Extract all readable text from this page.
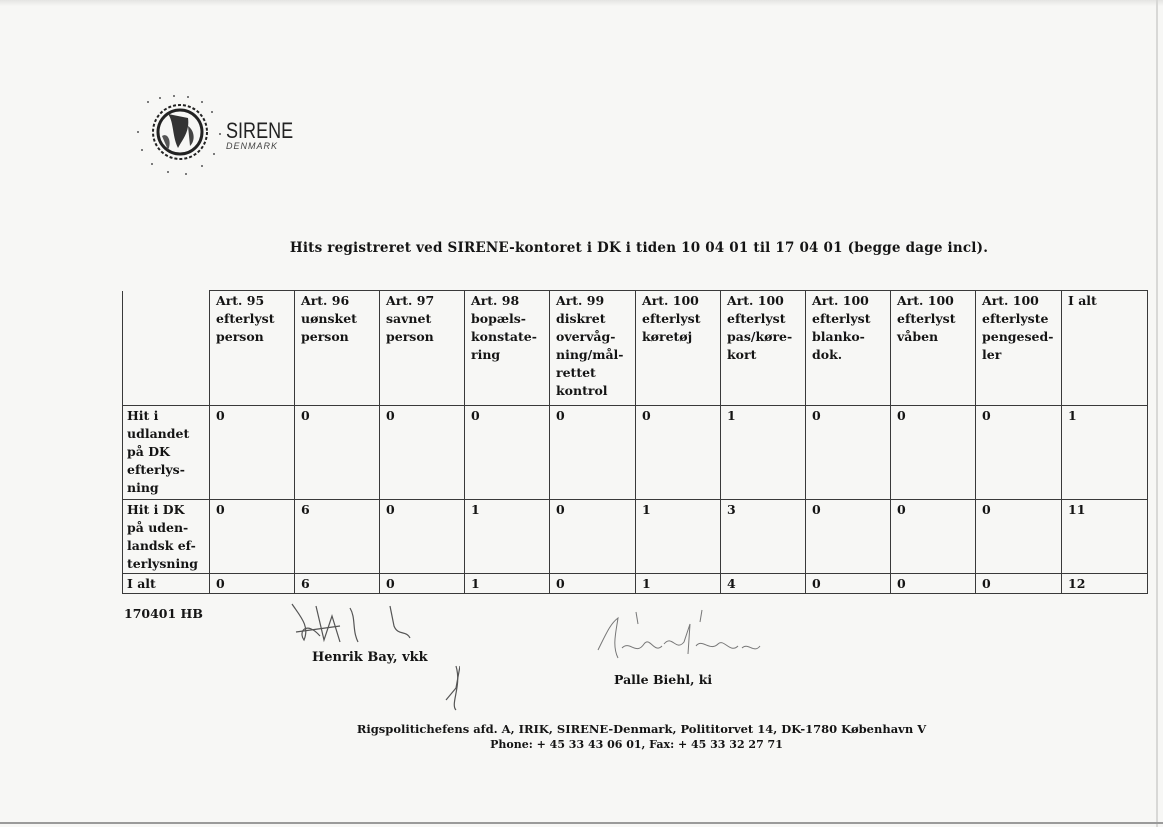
SIRENE
DENMARK
Hits registreret ved SIRENE-kontoret i DK i tiden 10 04 01 til 17 04 01 (begge dage incl).
	Art. 95 efterlyst person	Art. 96 uønsket person	Art. 97 savnet person	Art. 98 bopæls-konstate-ring	Art. 99 diskret overvåg-ning/mål-rettet kontrol	Art. 100 efterlyst køretøj	Art. 100 efterlyst pas/køre-kort	Art. 100 efterlyst blanko-dok.	Art. 100 efterlyst våben	Art. 100 efterlyste pengesed-ler	I alt
Hit i udlandet på DK efterlys-ning	0	0	0	0	0	0	1	0	0	0	1
Hit i DK på uden-landsk ef-terlysning	0	6	0	1	0	1	3	0	0	0	11
I alt	0	6	0	1	0	1	4	0	0	0	12
170401 HB
Henrik Bay, vkk
Palle Biehl, ki
Rigspolitichefens afd. A, IRIK, SIRENE-Denmark, Polititorvet 14, DK-1780 København V
Phone: + 45 33 43 06 01, Fax: + 45 33 32 27 71
